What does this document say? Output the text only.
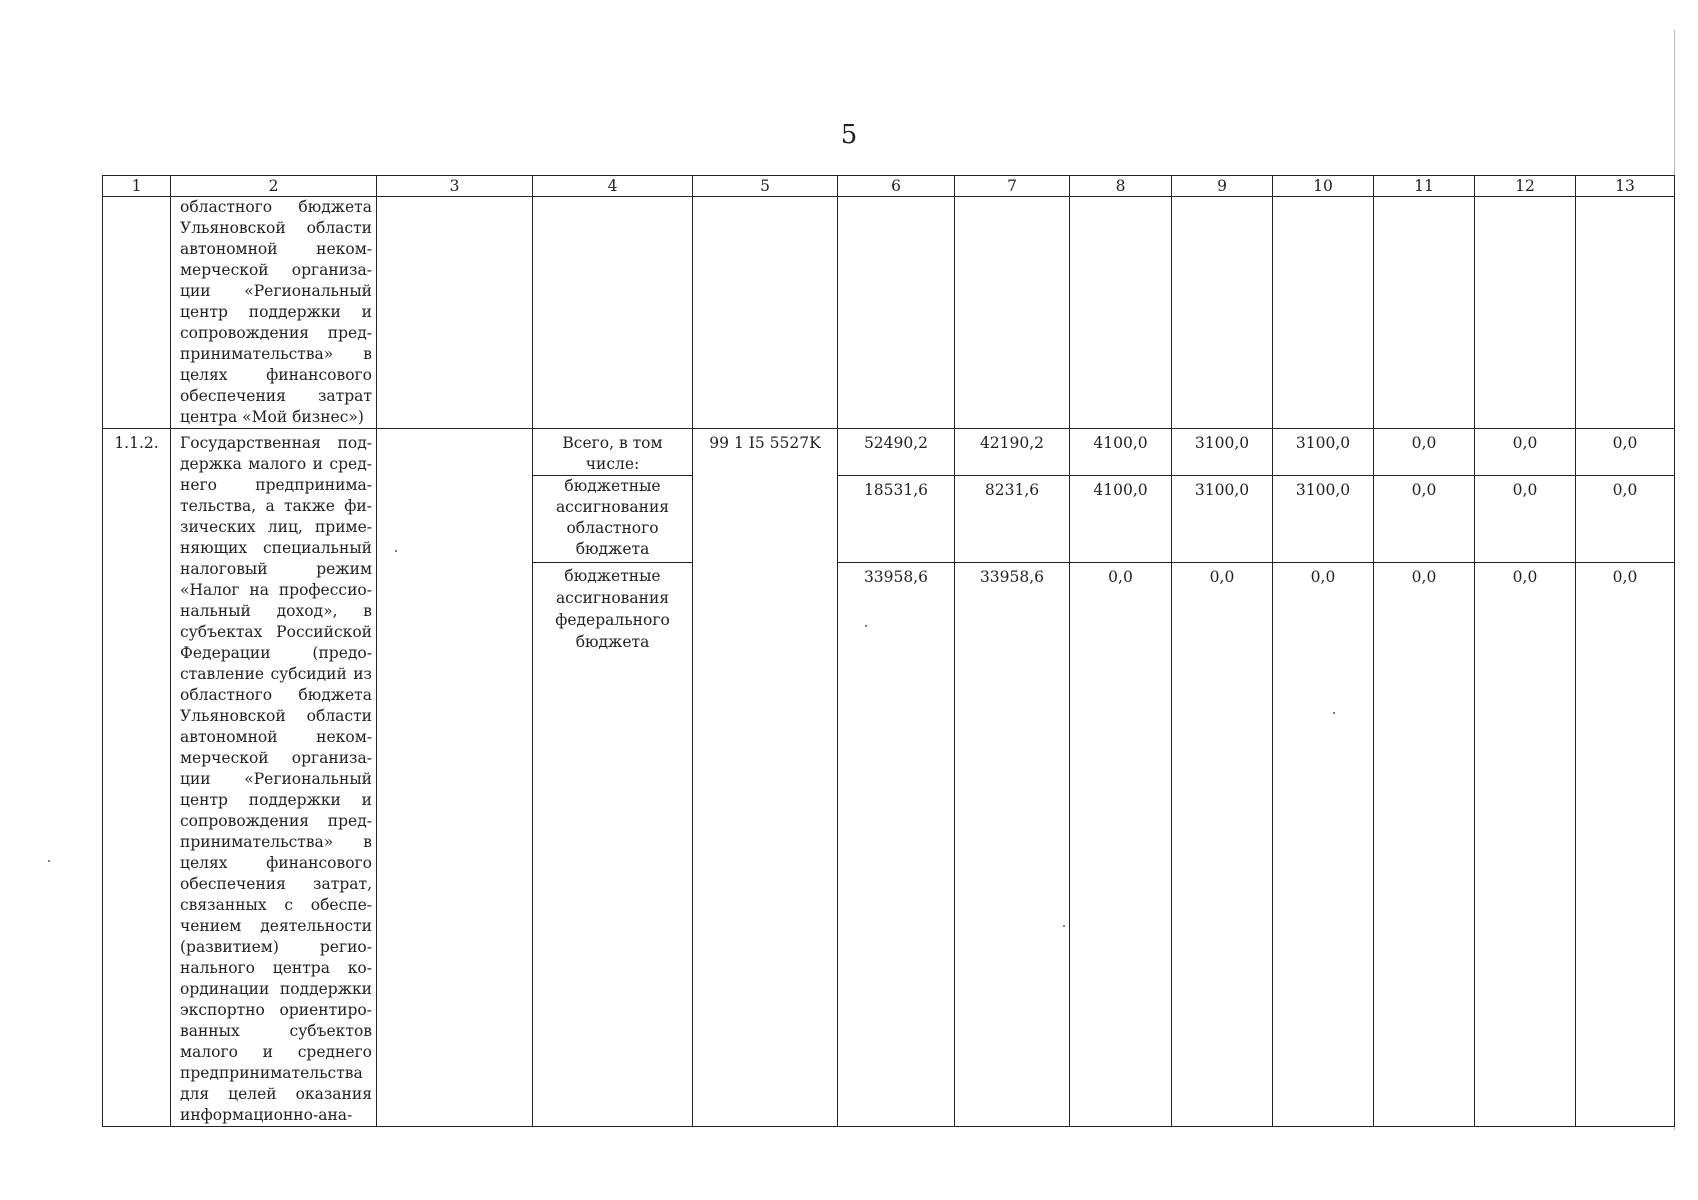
5
1	2	3	4	5	6	7	8	9	10	11	12	13
	областного бюджета Ульяновской области автономной неком-мерческой организа-ции «Региональный центр поддержки и сопровождения пред-принимательства» в целях финансового обеспечения затрат центра «Мой бизнес»)											
1.1.2.	Государственная под-держка малого и сред-него предпринима-тельства, а также фи-зических лиц, приме-няющих специальный налоговый режим «Налог на профессио-нальный доход», в субъектах Российской Федерации (предо-ставление субсидий из областного бюджета Ульяновской области автономной неком-мерческой организа-ции «Региональный центр поддержки и сопровождения пред-принимательства» в целях финансового обеспечения затрат, связанных с обеспе-чением деятельности (развитием) регио-нального центра ко-ординации поддержки экспортно ориентиро-ванных субъектов малого и среднего предпринимательства для целей оказания информационно-ана-		Всего, в том числе:	99 1 I5 5527K	52490,2	42190,2	4100,0	3100,0	3100,0	0,0	0,0	0,0
			бюджетные ассигнования областного бюджета		18531,6	8231,6	4100,0	3100,0	3100,0	0,0	0,0	0,0
			бюджетные ассигнования федерального бюджета		33958,6	33958,6	0,0	0,0	0,0	0,0	0,0	0,0
